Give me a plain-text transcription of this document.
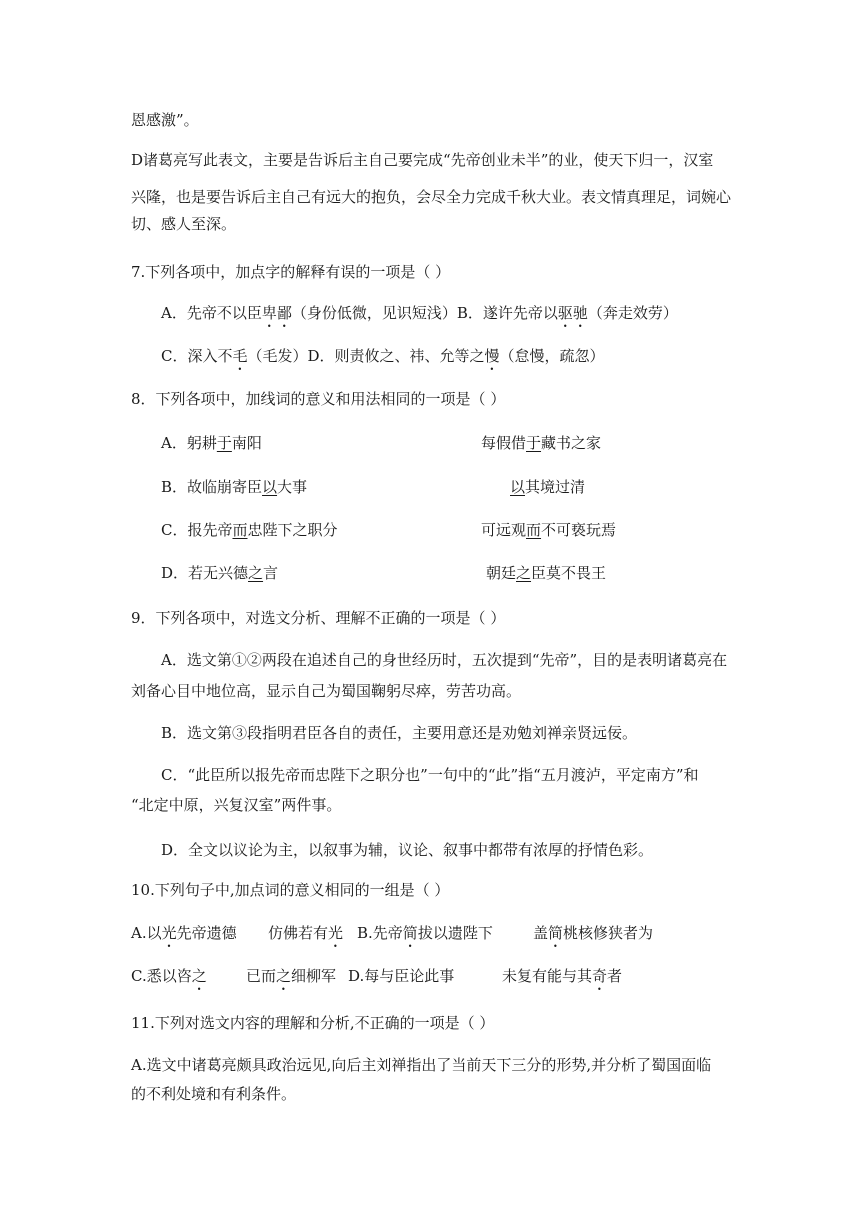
恩感激”。
D诸葛亮写此表文，主要是告诉后主自己要完成“先帝创业未半”的业，使天下归一，汉室
兴隆，也是要告诉后主自己有远大的抱负，会尽全力完成千秋大业。表文情真理足，词婉心
切、感人至深。
7.下列各项中，加点字的解释有误的一项是（ ）
A．先帝不以臣卑鄙（身份低微，见识短浅）B．遂许先帝以驱驰（奔走效劳）
C．深入不毛（毛发）D．则责攸之、祎、允等之慢（怠慢，疏忽）
8．下列各项中，加线词的意义和用法相同的一项是（ ）
A．躬耕于南阳	每假借于藏书之家
B．故临崩寄臣以大事	以其境过清
C．报先帝而忠陛下之职分	可远观而不可亵玩焉
D．若无兴德之言	朝廷之臣莫不畏王
9．下列各项中，对选文分析、理解不正确的一项是（ ）
A．选文第①②两段在追述自己的身世经历时，五次提到“先帝”，目的是表明诸葛亮在
刘备心目中地位高，显示自己为蜀国鞠躬尽瘁，劳苦功高。
B．选文第③段指明君臣各自的责任，主要用意还是劝勉刘禅亲贤远佞。
C．“此臣所以报先帝而忠陛下之职分也”一句中的“此”指“五月渡泸，平定南方”和
“北定中原，兴复汉室”两件事。
D．全文以议论为主，以叙事为辅，议论、叙事中都带有浓厚的抒情色彩。
10.下列句子中,加点词的意义相同的一组是（ ）
A.以光先帝遗德 仿佛若有光 B.先帝简拔以遗陛下	盖简桃核修狭者为
C.悉以咨之	已而之细柳军 D.每与臣论此事	未复有能与其奇者
11.下列对选文内容的理解和分析,不正确的一项是（ ）
A.选文中诸葛亮颇具政治远见,向后主刘禅指出了当前天下三分的形势,并分析了蜀国面临
的不利处境和有利条件。
